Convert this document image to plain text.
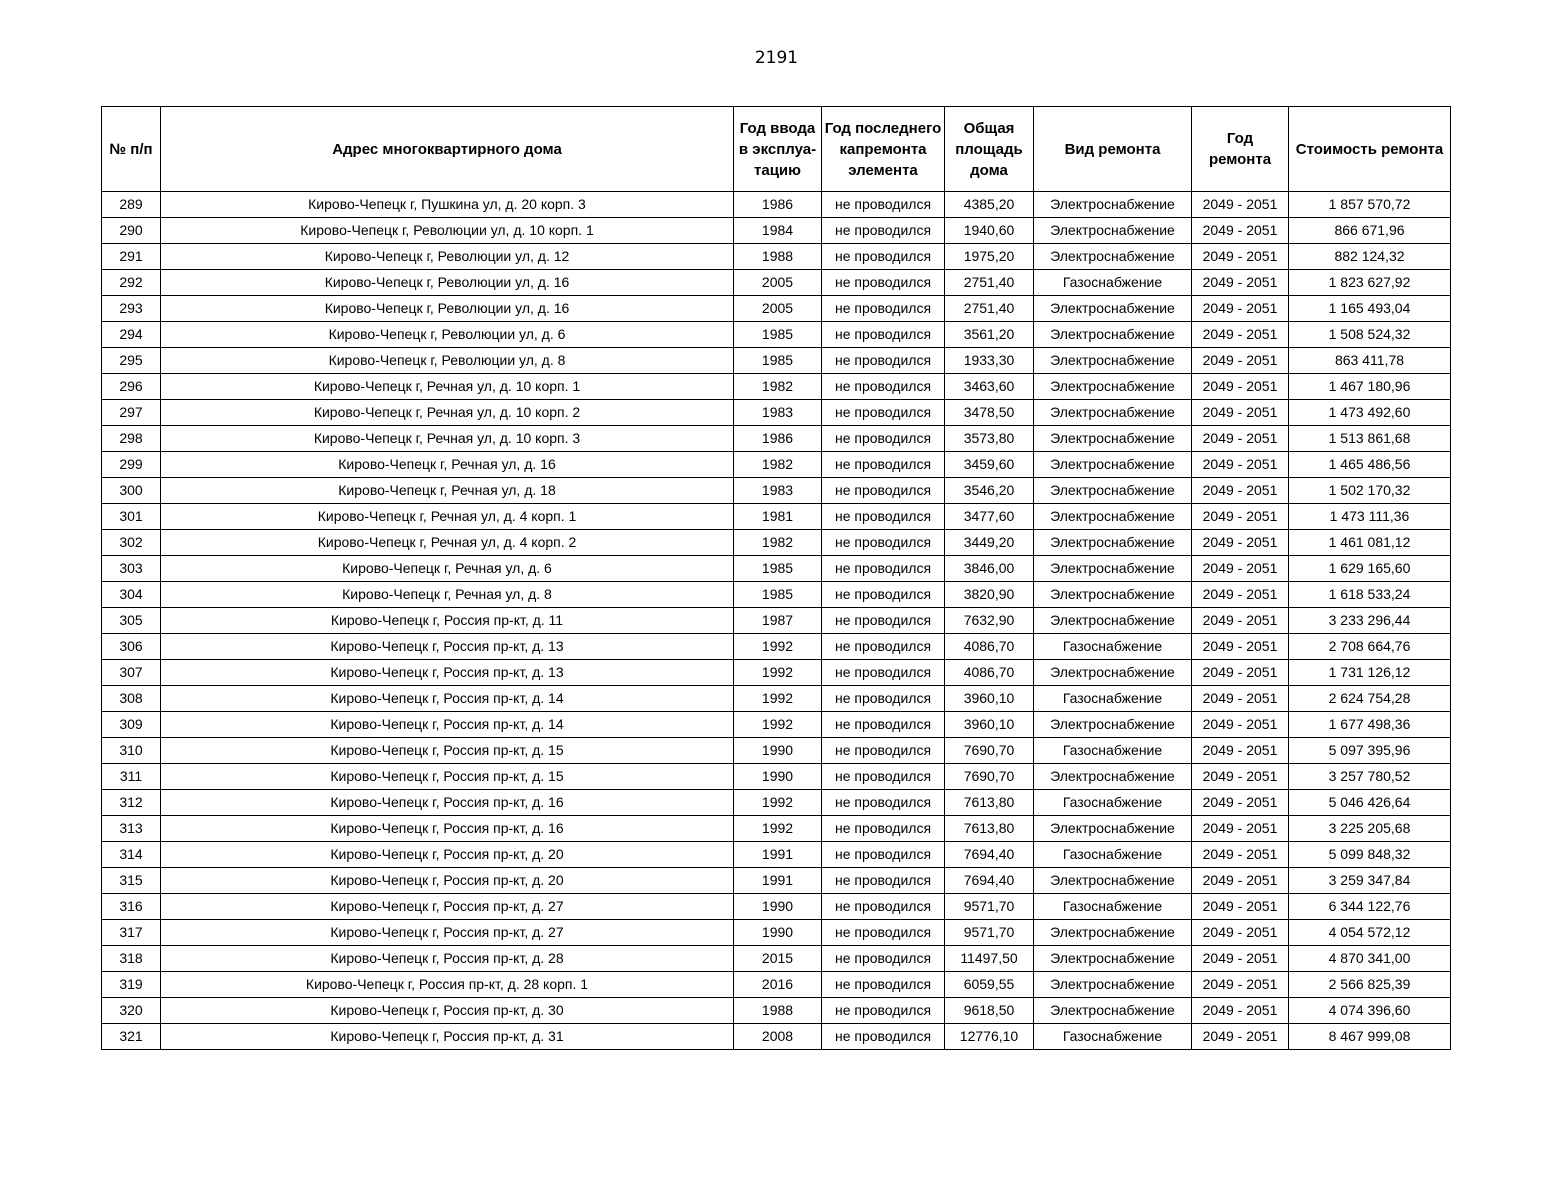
2191
№ п/п	Адрес многоквартирного дома	Год ввода в эксплуа-тацию	Год последнего капремонта элемента	Общая площадь дома	Вид ремонта	Год ремонта	Стоимость ремонта
289	Кирово-Чепецк г, Пушкина ул, д. 20 корп. 3	1986	не проводился	4385,20	Электроснабжение	2049 - 2051	1 857 570,72
290	Кирово-Чепецк г, Революции ул, д. 10 корп. 1	1984	не проводился	1940,60	Электроснабжение	2049 - 2051	866 671,96
291	Кирово-Чепецк г, Революции ул, д. 12	1988	не проводился	1975,20	Электроснабжение	2049 - 2051	882 124,32
292	Кирово-Чепецк г, Революции ул, д. 16	2005	не проводился	2751,40	Газоснабжение	2049 - 2051	1 823 627,92
293	Кирово-Чепецк г, Революции ул, д. 16	2005	не проводился	2751,40	Электроснабжение	2049 - 2051	1 165 493,04
294	Кирово-Чепецк г, Революции ул, д. 6	1985	не проводился	3561,20	Электроснабжение	2049 - 2051	1 508 524,32
295	Кирово-Чепецк г, Революции ул, д. 8	1985	не проводился	1933,30	Электроснабжение	2049 - 2051	863 411,78
296	Кирово-Чепецк г, Речная ул, д. 10 корп. 1	1982	не проводился	3463,60	Электроснабжение	2049 - 2051	1 467 180,96
297	Кирово-Чепецк г, Речная ул, д. 10 корп. 2	1983	не проводился	3478,50	Электроснабжение	2049 - 2051	1 473 492,60
298	Кирово-Чепецк г, Речная ул, д. 10 корп. 3	1986	не проводился	3573,80	Электроснабжение	2049 - 2051	1 513 861,68
299	Кирово-Чепецк г, Речная ул, д. 16	1982	не проводился	3459,60	Электроснабжение	2049 - 2051	1 465 486,56
300	Кирово-Чепецк г, Речная ул, д. 18	1983	не проводился	3546,20	Электроснабжение	2049 - 2051	1 502 170,32
301	Кирово-Чепецк г, Речная ул, д. 4 корп. 1	1981	не проводился	3477,60	Электроснабжение	2049 - 2051	1 473 111,36
302	Кирово-Чепецк г, Речная ул, д. 4 корп. 2	1982	не проводился	3449,20	Электроснабжение	2049 - 2051	1 461 081,12
303	Кирово-Чепецк г, Речная ул, д. 6	1985	не проводился	3846,00	Электроснабжение	2049 - 2051	1 629 165,60
304	Кирово-Чепецк г, Речная ул, д. 8	1985	не проводился	3820,90	Электроснабжение	2049 - 2051	1 618 533,24
305	Кирово-Чепецк г, Россия пр-кт, д. 11	1987	не проводился	7632,90	Электроснабжение	2049 - 2051	3 233 296,44
306	Кирово-Чепецк г, Россия пр-кт, д. 13	1992	не проводился	4086,70	Газоснабжение	2049 - 2051	2 708 664,76
307	Кирово-Чепецк г, Россия пр-кт, д. 13	1992	не проводился	4086,70	Электроснабжение	2049 - 2051	1 731 126,12
308	Кирово-Чепецк г, Россия пр-кт, д. 14	1992	не проводился	3960,10	Газоснабжение	2049 - 2051	2 624 754,28
309	Кирово-Чепецк г, Россия пр-кт, д. 14	1992	не проводился	3960,10	Электроснабжение	2049 - 2051	1 677 498,36
310	Кирово-Чепецк г, Россия пр-кт, д. 15	1990	не проводился	7690,70	Газоснабжение	2049 - 2051	5 097 395,96
311	Кирово-Чепецк г, Россия пр-кт, д. 15	1990	не проводился	7690,70	Электроснабжение	2049 - 2051	3 257 780,52
312	Кирово-Чепецк г, Россия пр-кт, д. 16	1992	не проводился	7613,80	Газоснабжение	2049 - 2051	5 046 426,64
313	Кирово-Чепецк г, Россия пр-кт, д. 16	1992	не проводился	7613,80	Электроснабжение	2049 - 2051	3 225 205,68
314	Кирово-Чепецк г, Россия пр-кт, д. 20	1991	не проводился	7694,40	Газоснабжение	2049 - 2051	5 099 848,32
315	Кирово-Чепецк г, Россия пр-кт, д. 20	1991	не проводился	7694,40	Электроснабжение	2049 - 2051	3 259 347,84
316	Кирово-Чепецк г, Россия пр-кт, д. 27	1990	не проводился	9571,70	Газоснабжение	2049 - 2051	6 344 122,76
317	Кирово-Чепецк г, Россия пр-кт, д. 27	1990	не проводился	9571,70	Электроснабжение	2049 - 2051	4 054 572,12
318	Кирово-Чепецк г, Россия пр-кт, д. 28	2015	не проводился	11497,50	Электроснабжение	2049 - 2051	4 870 341,00
319	Кирово-Чепецк г, Россия пр-кт, д. 28 корп. 1	2016	не проводился	6059,55	Электроснабжение	2049 - 2051	2 566 825,39
320	Кирово-Чепецк г, Россия пр-кт, д. 30	1988	не проводился	9618,50	Электроснабжение	2049 - 2051	4 074 396,60
321	Кирово-Чепецк г, Россия пр-кт, д. 31	2008	не проводился	12776,10	Газоснабжение	2049 - 2051	8 467 999,08
